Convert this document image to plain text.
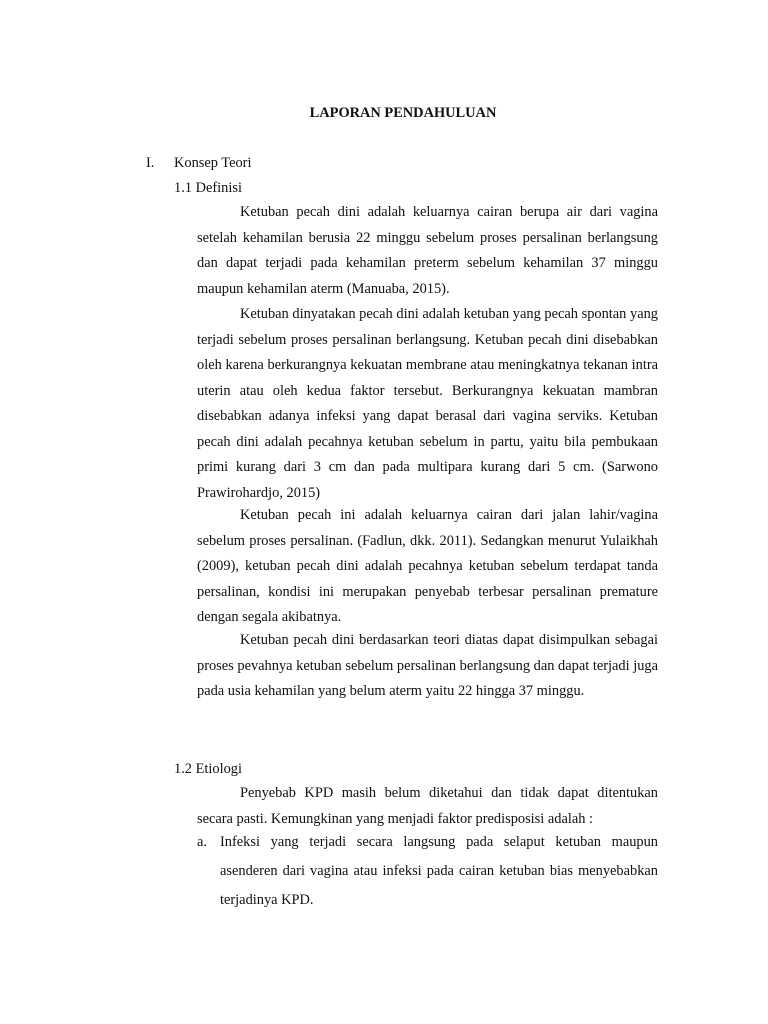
LAPORAN PENDAHULUAN
I. Konsep Teori
1.1 Definisi

Ketuban pecah dini adalah keluarnya cairan berupa air dari vagina setelah kehamilan berusia 22 minggu sebelum proses persalinan berlangsung dan dapat terjadi pada kehamilan preterm sebelum kehamilan 37 minggu maupun kehamilan aterm (Manuaba, 2015).

Ketuban dinyatakan pecah dini adalah ketuban yang pecah spontan yang terjadi sebelum proses persalinan berlangsung. Ketuban pecah dini disebabkan oleh karena berkurangnya kekuatan membrane atau meningkatnya tekanan intra uterin atau oleh kedua faktor tersebut. Berkurangnya kekuatan mambran disebabkan adanya infeksi yang dapat berasal dari vagina serviks. Ketuban pecah dini adalah pecahnya ketuban sebelum in partu, yaitu bila pembukaan primi kurang dari 3 cm dan pada multipara kurang dari 5 cm. (Sarwono Prawirohardjo, 2015)

Ketuban pecah ini adalah keluarnya cairan dari jalan lahir/vagina sebelum proses persalinan. (Fadlun, dkk. 2011). Sedangkan menurut Yulaikhah (2009), ketuban pecah dini adalah pecahnya ketuban sebelum terdapat tanda persalinan, kondisi ini merupakan penyebab terbesar persalinan premature dengan segala akibatnya.

Ketuban pecah dini berdasarkan teori diatas dapat disimpulkan sebagai proses pevahnya ketuban sebelum persalinan berlangsung dan dapat terjadi juga pada usia kehamilan yang belum aterm yaitu 22 hingga 37 minggu.

1.2 Etiologi

Penyebab KPD masih belum diketahui dan tidak dapat ditentukan secara pasti. Kemungkinan yang menjadi faktor predisposisi adalah :

a. Infeksi yang terjadi secara langsung pada selaput ketuban maupun asenderen dari vagina atau infeksi pada cairan ketuban bias menyebabkan terjadinya KPD.
